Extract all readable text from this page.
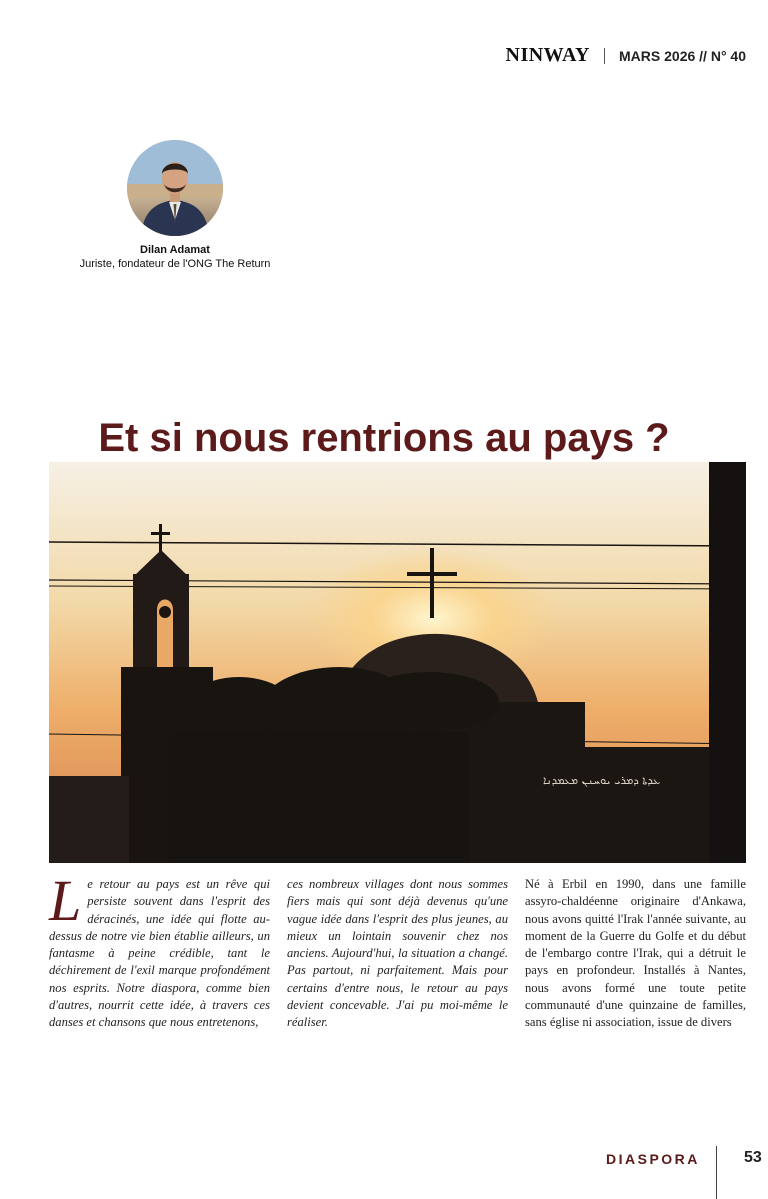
NINWAY MARS 2026 // N° 40
Dilan Adamat
Juriste, fondateur de l'ONG The Return
Et si nous rentrions au pays ?
ܥܕܬܐ ܕܡܪܝ ܝܘܚܢܢ ܡܥܡܕܢܐ
Le retour au pays est un rêve qui persiste souvent dans l'esprit des déracinés, une idée qui flotte au-dessus de notre vie bien établie ailleurs, un fantasme à peine crédible, tant le déchirement de l'exil marque profondément nos esprits. Notre diaspora, comme bien d'autres, nourrit cette idée, à travers ces danses et chansons que nous entretenons,
ces nombreux villages dont nous sommes fiers mais qui sont déjà devenus qu'une vague idée dans l'esprit des plus jeunes, au mieux un lointain souvenir chez nos anciens. Aujourd'hui, la situation a changé. Pas partout, ni parfaitement. Mais pour certains d'entre nous, le retour au pays devient concevable. J'ai pu moi-même le réaliser.
Né à Erbil en 1990, dans une famille assyro-chaldéenne originaire d'Ankawa, nous avons quitté l'Irak l'année suivante, au moment de la Guerre du Golfe et du début de l'embargo contre l'Irak, qui a détruit le pays en profondeur. Installés à Nantes, nous avons formé une toute petite communauté d'une quinzaine de familles, sans église ni association, issue de divers
DIASPORA	53
